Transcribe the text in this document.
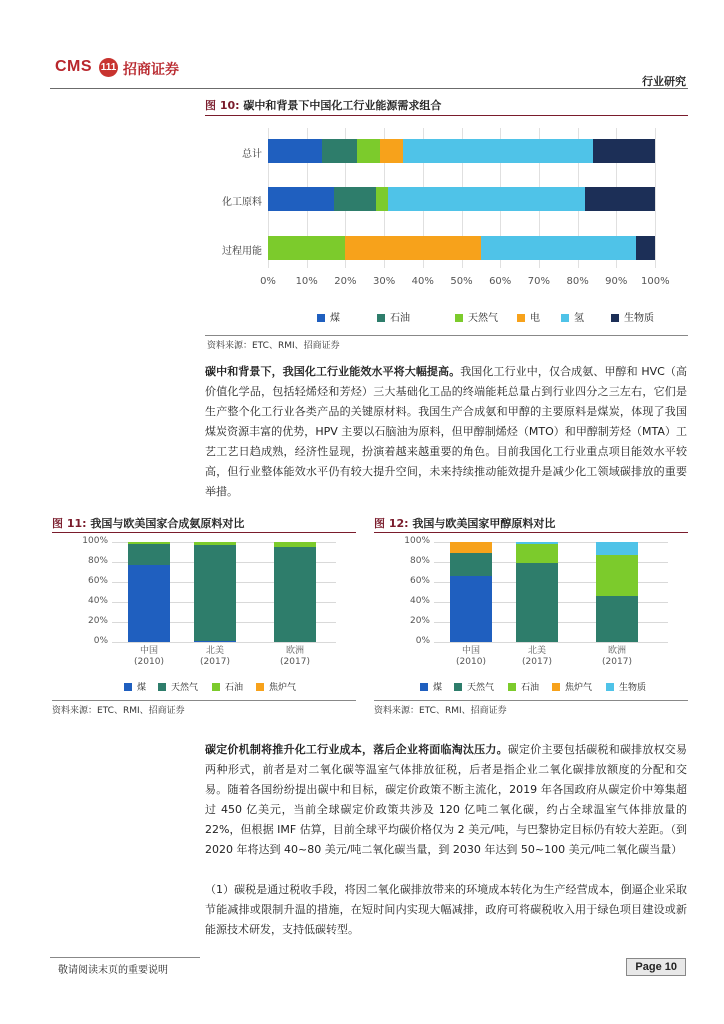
CMS 111 招商证券
行业研究
图 10: 碳中和背景下中国化工行业能源需求组合
0%	10% 20% 30% 40% 50% 60% 70% 80% 90% 100%
总计
化工原料
过程用能
煤	石油	天然气	电	氢	生物质
资料来源：ETC、RMI、招商证券
碳中和背景下，我国化工行业能效水平将大幅提高。我国化工行业中，仅合成氨、甲醇和 HVC（高价值化学品，包括轻烯烃和芳烃）三大基础化工品的终端能耗总量占到行业四分之三左右，它们是生产整个化工行业各类产品的关键原材料。我国生产合成氨和甲醇的主要原料是煤炭，体现了我国煤炭资源丰富的优势，HPV 主要以石脑油为原料，但甲醇制烯烃（MTO）和甲醇制芳烃（MTA）工艺工艺日趋成熟，经济性显现，扮演着越来越重要的角色。目前我国化工行业重点项目能效水平较高，但行业整体能效水平仍有较大提升空间，未来持续推动能效提升是减少化工领域碳排放的重要举措。
图 11: 我国与欧美国家合成氨原料对比
0%
20%
40%
60%
80%
100%
中国
(2010)
北美
(2017)
欧洲
(2017)
煤	天然气	石油	焦炉气
资料来源：ETC、RMI、招商证券
图 12: 我国与欧美国家甲醇原料对比
0%
20%
40%
60%
80%
100%
中国
(2010)
北美
(2017)
欧洲
(2017)
煤	天然气	石油	焦炉气	生物质
资料来源：ETC、RMI、招商证券
碳定价机制将推升化工行业成本，落后企业将面临淘汰压力。碳定价主要包括碳税和碳排放权交易两种形式，前者是对二氧化碳等温室气体排放征税，后者是指企业二氧化碳排放额度的分配和交易。随着各国纷纷提出碳中和目标，碳定价政策不断主流化，2019 年各国政府从碳定价中筹集超过 450 亿美元，当前全球碳定价政策共涉及 120 亿吨二氧化碳，约占全球温室气体排放量的 22%，但根据 IMF 估算，目前全球平均碳价格仅为 2 美元/吨，与巴黎协定目标仍有较大差距。（到 2020 年将达到 40~80 美元/吨二氧化碳当量，到 2030 年达到 50~100 美元/吨二氧化碳当量）
（1）碳税是通过税收手段，将因二氧化碳排放带来的环境成本转化为生产经营成本，倒逼企业采取节能减排或限制升温的措施，在短时间内实现大幅减排，政府可将碳税收入用于绿色项目建设或新能源技术研发，支持低碳转型。
敬请阅读末页的重要说明	Page 10
